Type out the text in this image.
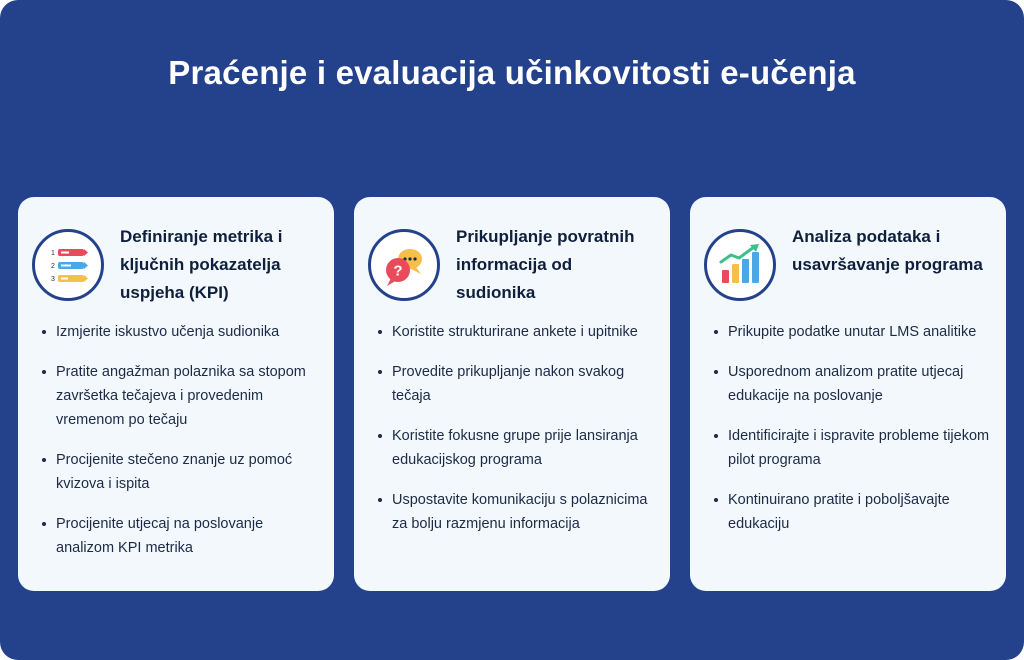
Praćenje i evaluacija učinkovitosti e-učenja
1
2
3
Definiranje metrika i ključnih pokazatelja uspjeha (KPI)
Izmjerite iskustvo učenja sudionika
Pratite angažman polaznika sa stopom završetka tečajeva i provedenim vremenom po tečaju
Procijenite stečeno znanje uz pomoć kvizova i ispita
Procijenite utjecaj na poslovanje analizom KPI metrika
?
Prikupljanje povratnih informacija od sudionika
Koristite strukturirane ankete i upitnike
Provedite prikupljanje nakon svakog tečaja
Koristite fokusne grupe prije lansiranja edukacijskog programa
Uspostavite komunikaciju s polaznicima za bolju razmjenu informacija
Analiza podataka i usavršavanje programa
Prikupite podatke unutar LMS analitike
Usporednom analizom pratite utjecaj edukacije na poslovanje
Identificirajte i ispravite probleme tijekom pilot programa
Kontinuirano pratite i poboljšavajte edukaciju
